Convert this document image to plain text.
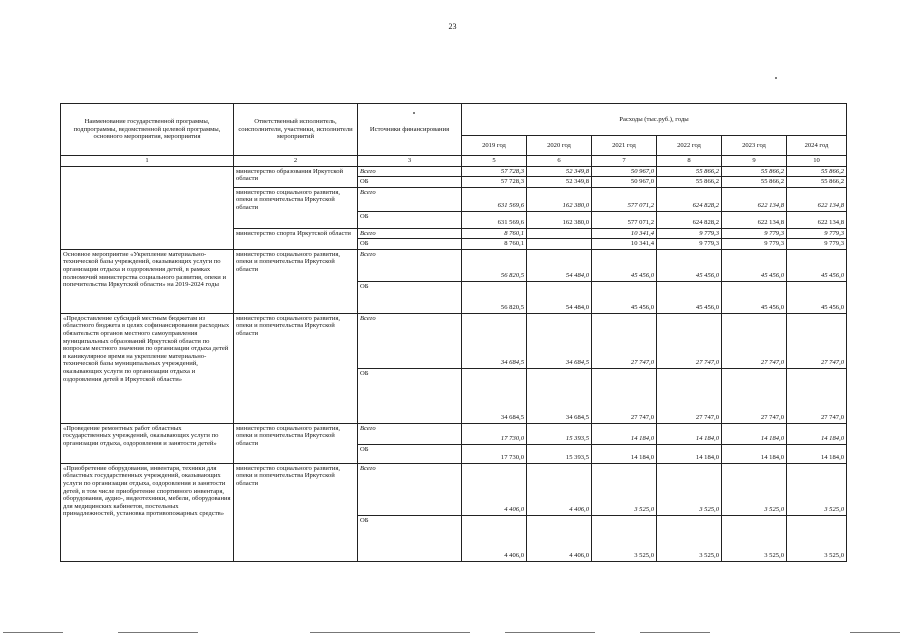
23
Наименование государственной программы, подпрограммы, ведомственной целевой программы, основного мероприятия, мероприятия	Ответственный исполнитель, соисполнители, участники, исполнители мероприятий	Источники финансирования	Расходы (тыс.руб.), годы					
			2019 год	2020 год	2021 год	2022 год	2023 год	2024 год
1	2	3	5	6	7	8	9	10
	министерство образования Иркутской области	Всего	57 728,3	52 349,8	50 967,0	55 866,2	55 866,2	55 866,2
		ОБ	57 728,3	52 349,8	50 967,0	55 866,2	55 866,2	55 866,2
	министерство социального развития, опеки и попечительства Иркутской области	Всего	631 569,6	162 380,0	577 071,2	624 828,2	622 134,8	622 134,8
		ОБ	631 569,6	162 380,0	577 071,2	624 828,2	622 134,8	622 134,8
	министерство спорта Иркутской области	Всего	8 760,1		10 341,4	9 779,3	9 779,3	9 779,3
		ОБ	8 760,1		10 341,4	9 779,3	9 779,3	9 779,3
Основное мероприятие «Укрепление материально-технической базы учреждений, оказывающих услуги по организации отдыха и оздоровления детей, в рамках полномочий министерства социального развития, опеки и попечительства Иркутской области» на 2019-2024 годы	министерство социального развития, опеки и попечительства Иркутской области	Всего	56 820,5	54 484,0	45 456,0	45 456,0	45 456,0	45 456,0
		ОБ	56 820,5	54 484,0	45 456,0	45 456,0	45 456,0	45 456,0
«Предоставление субсидий местным бюджетам из областного бюджета в целях софинансирования расходных обязательств органов местного самоуправления муниципальных образований Иркутской области по вопросам местного значения по организации отдыха детей в каникулярное время на укрепление материально-технической базы муниципальных учреждений, оказывающих услуги по организации отдыха и оздоровления детей в Иркутской области»	министерство социального развития, опеки и попечительства Иркутской области	Всего	34 684,5	34 684,5	27 747,0	27 747,0	27 747,0	27 747,0
		ОБ	34 684,5	34 684,5	27 747,0	27 747,0	27 747,0	27 747,0
«Проведение ремонтных работ областных государственных учреждений, оказывающих услуги по организации отдыха, оздоровления и занятости детей»	министерство социального развития, опеки и попечительства Иркутской области	Всего	17 730,0	15 393,5	14 184,0	14 184,0	14 184,0	14 184,0
		ОБ	17 730,0	15 393,5	14 184,0	14 184,0	14 184,0	14 184,0
«Приобретение оборудования, инвентаря, техники для областных государственных учреждений, оказывающих услуги по организации отдыха, оздоровления и занятости детей, в том числе приобретение спортивного инвентаря, оборудования, аудио-, видеотехники, мебели, оборудования для медицинских кабинетов, постельных принадлежностей, установка противопожарных средств»	министерство социального развития, опеки и попечительства Иркутской области	Всего	4 406,0	4 406,0	3 525,0	3 525,0	3 525,0	3 525,0
		ОБ	4 406,0	4 406,0	3 525,0	3 525,0	3 525,0	3 525,0
